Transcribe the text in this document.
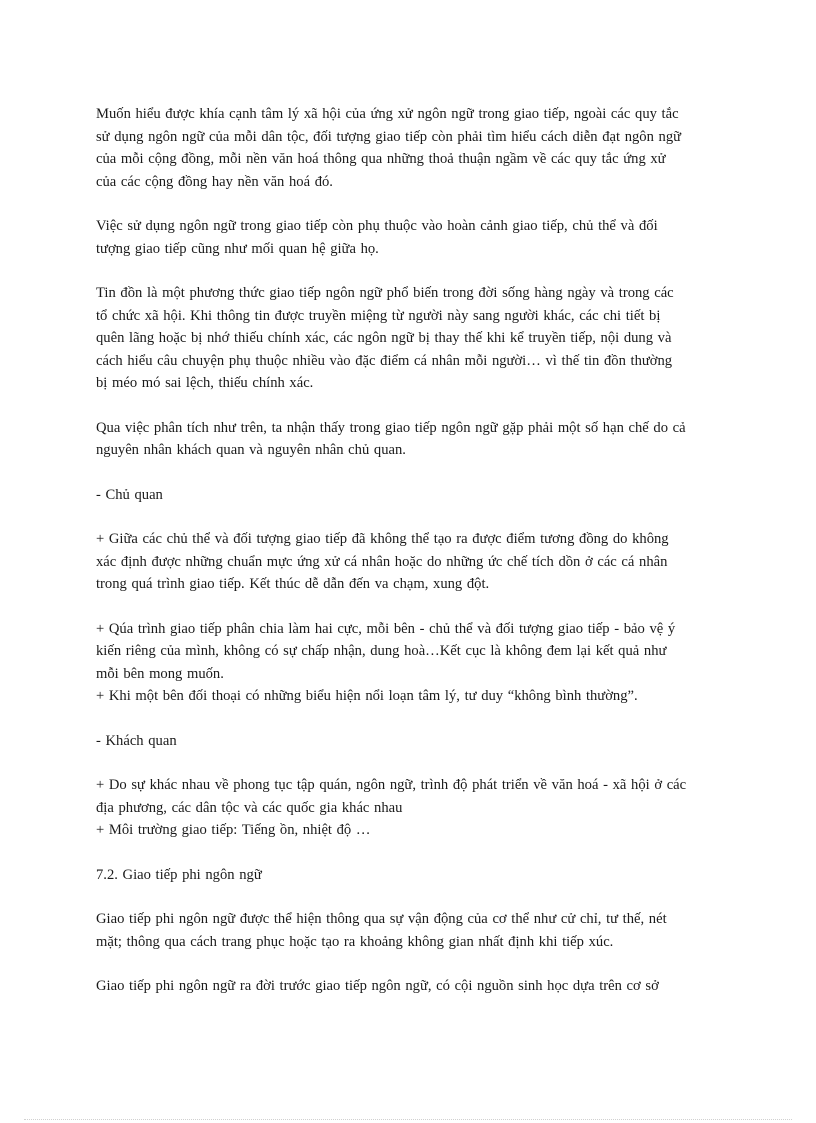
Muốn hiểu được khía cạnh tâm lý xã hội của ứng xử ngôn ngữ trong giao tiếp, ngoài các quy tắc
sử dụng ngôn ngữ của mỗi dân tộc, đối tượng giao tiếp còn phải tìm hiểu cách diễn đạt ngôn ngữ
của mỗi cộng đồng, mỗi nền văn hoá thông qua những thoả thuận ngầm về các quy tắc ứng xử
của các cộng đồng hay nền văn hoá đó.
Việc sử dụng ngôn ngữ trong giao tiếp còn phụ thuộc vào hoàn cảnh giao tiếp, chủ thể và đối
tượng giao tiếp cũng như mối quan hệ giữa họ.
Tin đồn là một phương thức giao tiếp ngôn ngữ phổ biến trong đời sống hàng ngày và trong các
tổ chức xã hội. Khi thông tin được truyền miệng từ người này sang người khác, các chi tiết bị
quên lãng hoặc bị nhớ thiếu chính xác, các ngôn ngữ bị thay thế khi kể truyền tiếp, nội dung và
cách hiểu câu chuyện phụ thuộc nhiều vào đặc điểm cá nhân mỗi người… vì thế tin đồn thường
bị méo mó sai lệch, thiếu chính xác.
Qua việc phân tích như trên, ta nhận thấy trong giao tiếp ngôn ngữ gặp phải một số hạn chế do cả
nguyên nhân khách quan và nguyên nhân chủ quan.
- Chủ quan
+ Giữa các chủ thể và đối tượng giao tiếp đã không thể tạo ra được điểm tương đồng do không
xác định được những chuẩn mực ứng xử cá nhân hoặc do những ức chế tích dồn ở các cá nhân
trong quá trình giao tiếp. Kết thúc dễ dẫn đến va chạm, xung đột.
+ Qúa trình giao tiếp phân chia làm hai cực, mỗi bên - chủ thể và đối tượng giao tiếp - bảo vệ ý
kiến riêng của mình, không có sự chấp nhận, dung hoà…Kết cục là không đem lại kết quả như
mỗi bên mong muốn.
+ Khi một bên đối thoại có những biểu hiện nổi loạn tâm lý, tư duy “không bình thường”.
- Khách quan
+ Do sự khác nhau về phong tục tập quán, ngôn ngữ, trình độ phát triển về văn hoá - xã hội ở các
địa phương, các dân tộc và các quốc gia khác nhau
+ Môi trường giao tiếp: Tiếng ồn, nhiệt độ …
7.2. Giao tiếp phi ngôn ngữ
Giao tiếp phi ngôn ngữ được thể hiện thông qua sự vận động của cơ thể như cử chỉ, tư thế, nét
mặt; thông qua cách trang phục hoặc tạo ra khoảng không gian nhất định khi tiếp xúc.
Giao tiếp phi ngôn ngữ ra đời trước giao tiếp ngôn ngữ, có cội nguồn sinh học dựa trên cơ sở
